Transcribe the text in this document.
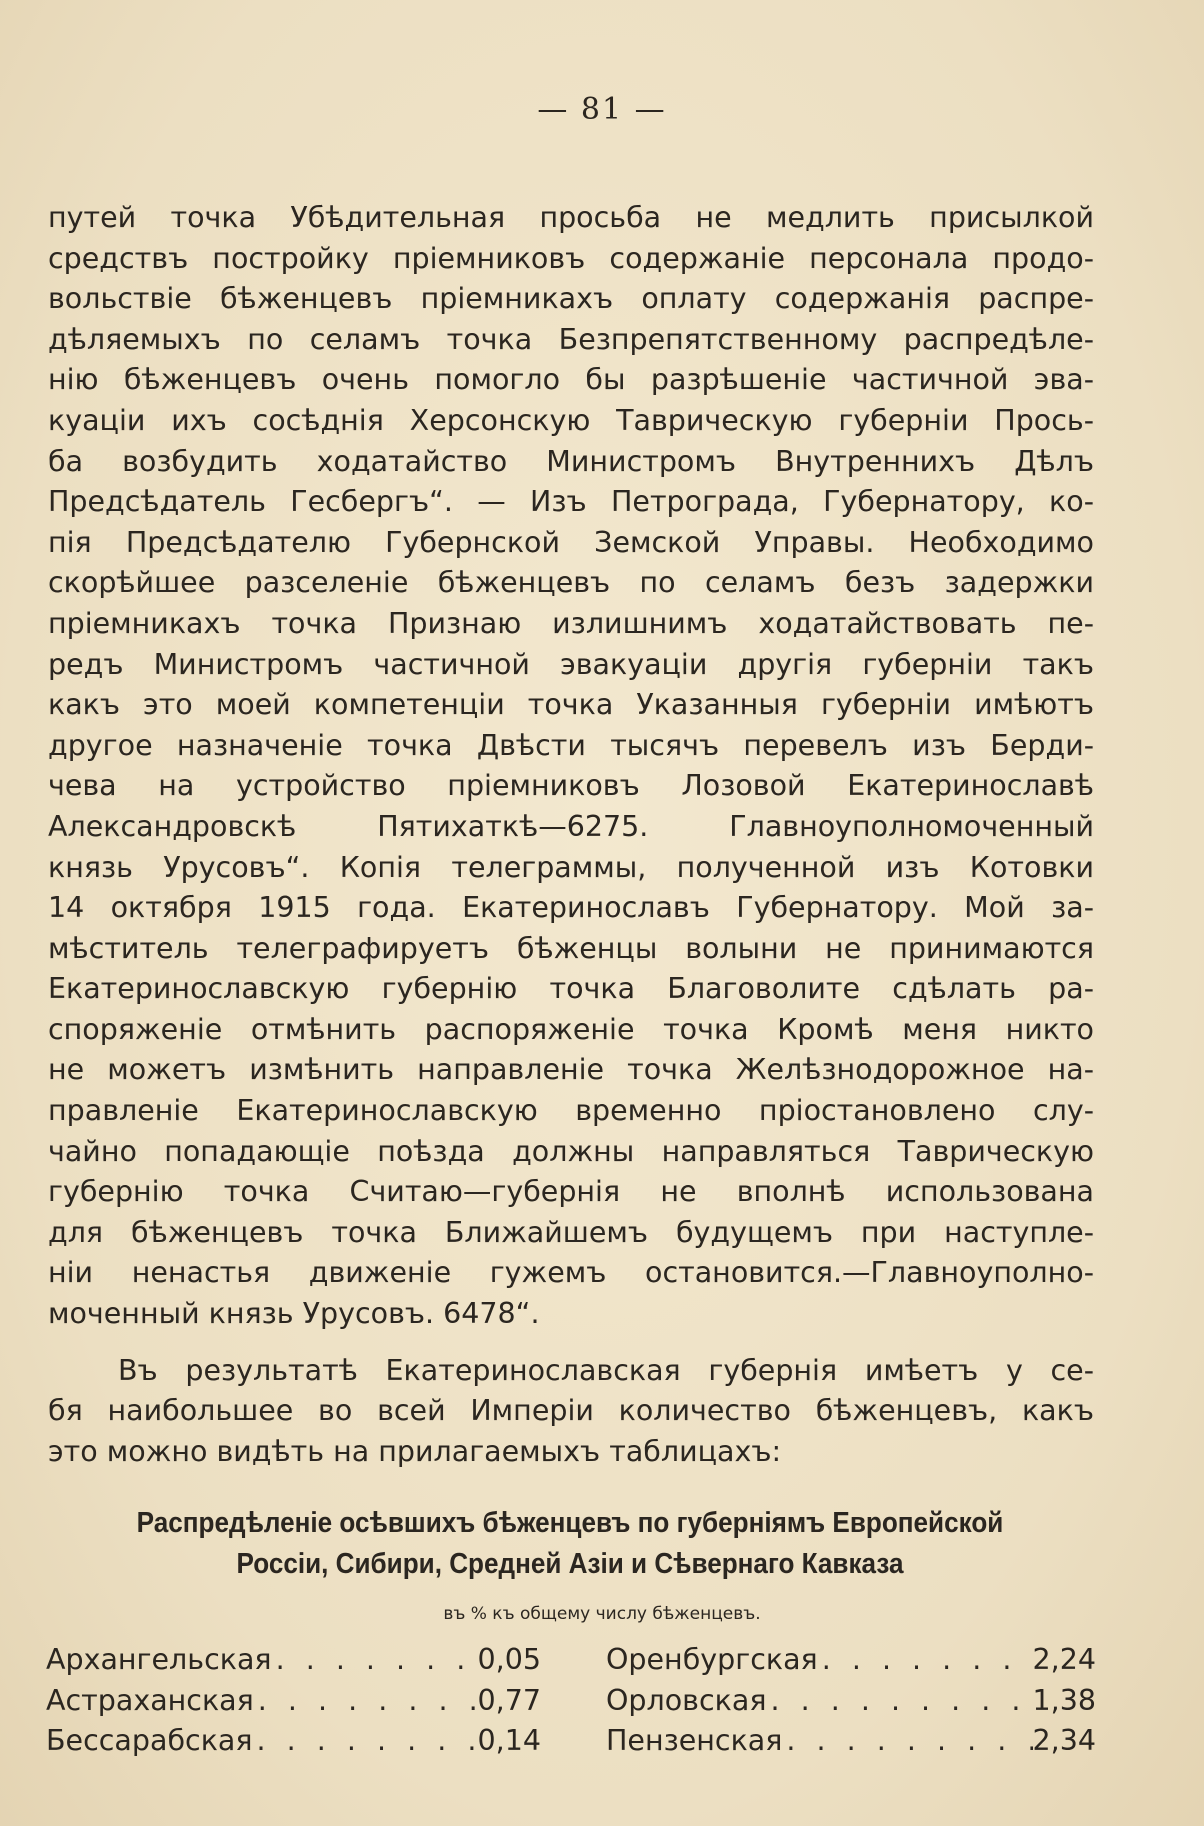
— 81 —
путей точка Убѣдительная просьба не медлить присылкой
средствъ постройку пріемниковъ содержаніе персонала продо-
вольствіе бѣженцевъ пріемникахъ оплату содержанія распре-
дѣляемыхъ по селамъ точка Безпрепятственному распредѣле-
нію бѣженцевъ очень помогло бы разрѣшеніе частичной эва-
куаціи ихъ сосѣднія Херсонскую Таврическую губерніи Прось-
ба возбудить ходатайство Министромъ Внутреннихъ Дѣлъ
Предсѣдатель Гесбергъ“. — Изъ Петрограда, Губернатору, ко-
пія Предсѣдателю Губернской Земской Управы. Необходимо
скорѣйшее разселеніе бѣженцевъ по селамъ безъ задержки
пріемникахъ точка Признаю излишнимъ ходатайствовать пе-
редъ Министромъ частичной эвакуаціи другія губерніи такъ
какъ это моей компетенціи точка Указанныя губерніи имѣютъ
другое назначеніе точка Двѣсти тысячъ перевелъ изъ Берди-
чева на устройство пріемниковъ Лозовой Екатеринославѣ
Александровскѣ Пятихаткѣ—6275. Главноуполномоченный
князь Урусовъ“. Копія телеграммы, полученной изъ Котовки
14 октября 1915 года. Екатеринославъ Губернатору. Мой за-
мѣститель телеграфируетъ бѣженцы волыни не принимаются
Екатеринославскую губернію точка Благоволите сдѣлать ра-
споряженіе отмѣнить распоряженіе точка Кромѣ меня никто
не можетъ измѣнить направленіе точка Желѣзнодорожное на-
правленіе Екатеринославскую временно пріостановлено слу-
чайно попадающіе поѣзда должны направляться Таврическую
губернію точка Считаю—губернія не вполнѣ использована
для бѣженцевъ точка Ближайшемъ будущемъ при наступле-
ніи ненастья движеніе гужемъ остановится.—Главноуполно-
моченный князь Урусовъ. 6478“.
Въ результатѣ Екатеринославская губернія имѣетъ у се-
бя наибольшее во всей Имперіи количество бѣженцевъ, какъ
это можно видѣть на прилагаемыхъ таблицахъ:
Распредѣленіе осѣвшихъ бѣженцевъ по губерніямъ Европейской
Россіи, Сибири, Средней Азіи и Сѣвернаго Кавказа
въ % къ общему числу бѣженцевъ.
Архангельская . . .	0,05 Оренбургская . . .	2,24
Астраханская . . .	0,77 Орловская . . .	1,38
Бессарабская . . .	0,14 Пензенская . . .	2,34
